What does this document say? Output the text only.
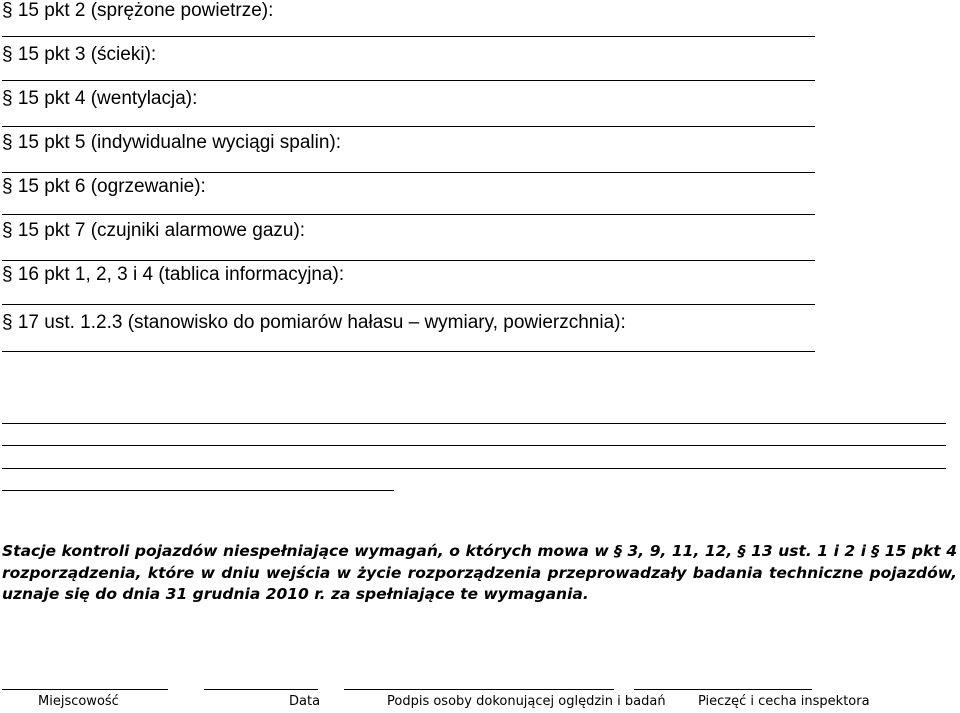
§ 15 pkt 2 (sprężone powietrze):
§ 15 pkt 3 (ścieki):
§ 15 pkt 4 (wentylacja):
§ 15 pkt 5 (indywidualne wyciągi spalin):
§ 15 pkt 6 (ogrzewanie):
§ 15 pkt 7 (czujniki alarmowe gazu):
§ 16 pkt 1, 2, 3 i 4 (tablica informacyjna):
§ 17 ust. 1.2.3 (stanowisko do pomiarów hałasu – wymiary, powierzchnia):
Stacje kontroli pojazdów niespełniające wymagań, o których mowa w § 3, 9, 11, 12, § 13 ust. 1 i 2 i § 15 pkt 4 rozporządzenia, które w dniu wejścia w życie rozporządzenia przeprowadzały badania techniczne pojazdów, uznaje się do dnia 31 grudnia 2010 r. za spełniające te wymagania.
Miejscowość	Data	Podpis osoby dokonującej oględzin i badań Pieczęć i cecha inspektora
